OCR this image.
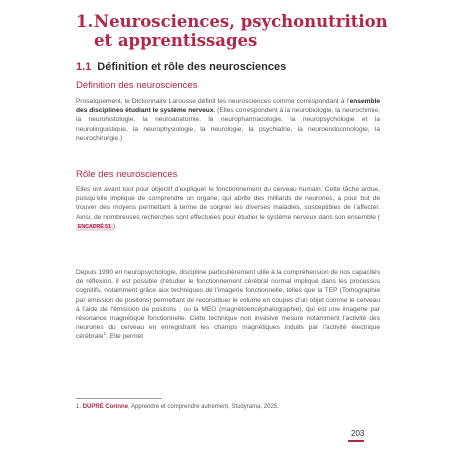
1.Neurosciences, psychonutrition
et apprentissages
1.1 Définition et rôle des neurosciences
Définition des neurosciences

Prosaïquement, le Dictionnaire Larousse définit les neurosciences comme correspondant à l’ensemble des disciplines étudiant le système nerveux. (Elles correspondent à la neurobiologie, la neurochimie, la neurohistologie, la neuroanatomie, la neuropharmacologie, la neuropsychologie et la neurolinguistique, la neurophysiologie, la neurologie, la psychiatrie, la neuroendocrinologie, la neurochirurgie.)

Rôle des neurosciences

Elles ont avant tout pour objectif d’expliquer le fonctionnement du cerveau humain. Cette tâche ardue, puisqu’elle implique de comprendre un organe, qui abrite des milliards de neurones, a pour but de trouver des moyens permettant à terme de soigner les diverses maladies, susceptibles de l’affecter. Ainsi, de nombreuses recherches sont effectuées pour étudier le système nerveux dans son ensemble (ENCADRÉ 51 ).

Depuis 1990 en neuropsychologie, discipline particulièrement utile à la compréhension de nos capacités de réflexion, il est possible d’étudier le fonctionnement cérébral normal impliqué dans les processus cognitifs, notamment grâce aux techniques de l’imagerie fonctionnelle, telles que la TEP (Tomographie par émission de positons) permettant de reconstituer le volume en coupes d’un objet comme le cerveau à l’aide de l’émission de positons ; ou la MEG (magnétoencéphalographie), qui est une imagerie par résonance magnétique fonctionnelle. Cette technique non invasive mesure notamment l’activité des neurones du cerveau en enregistrant les champs magnétiques induits par l’activité électrique cérébrale$^1$. Elle permet

1. DUPRÉ Corinne, Apprendre et comprendre autrement, Studyrama, 2025.

203
